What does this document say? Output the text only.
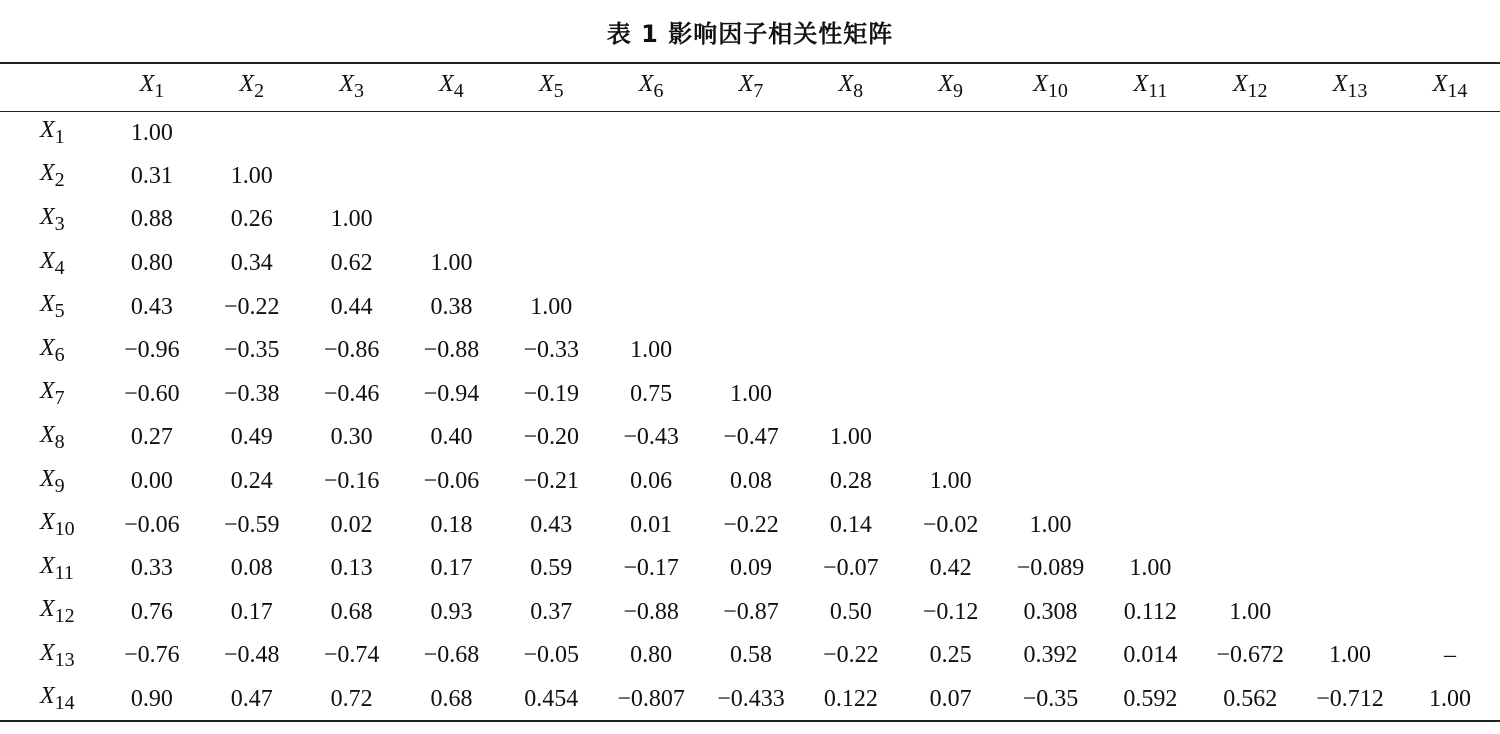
表 1 影响因子相关性矩阵
	$X_1$	$X_2$	$X_3$	$X_4$	$X_5$	$X_6$	$X_7$	$X_8$	$X_9$	$X_{10}$	$X_{11}$	$X_{12}$	$X_{13}$	$X_{14}$
$X_1$	1.00													
$X_2$	0.31	1.00												
$X_3$	0.88	0.26	1.00											
$X_4$	0.80	0.34	0.62	1.00										
$X_5$	0.43	−0.22	0.44	0.38	1.00									
$X_6$	−0.96	−0.35	−0.86	−0.88	−0.33	1.00								
$X_7$	−0.60	−0.38	−0.46	−0.94	−0.19	0.75	1.00							
$X_8$	0.27	0.49	0.30	0.40	−0.20	−0.43	−0.47	1.00						
$X_9$	0.00	0.24	−0.16	−0.06	−0.21	0.06	0.08	0.28	1.00					
$X_{10}$	−0.06	−0.59	0.02	0.18	0.43	0.01	−0.22	0.14	−0.02	1.00				
$X_{11}$	0.33	0.08	0.13	0.17	0.59	−0.17	0.09	−0.07	0.42	−0.089	1.00			
$X_{12}$	0.76	0.17	0.68	0.93	0.37	−0.88	−0.87	0.50	−0.12	0.308	0.112	1.00		
$X_{13}$	−0.76	−0.48	−0.74	−0.68	−0.05	0.80	0.58	−0.22	0.25	0.392	0.014	−0.672	1.00	–
$X_{14}$	0.90	0.47	0.72	0.68	0.454	−0.807	−0.433	0.122	0.07	−0.35	0.592	0.562	−0.712	1.00
